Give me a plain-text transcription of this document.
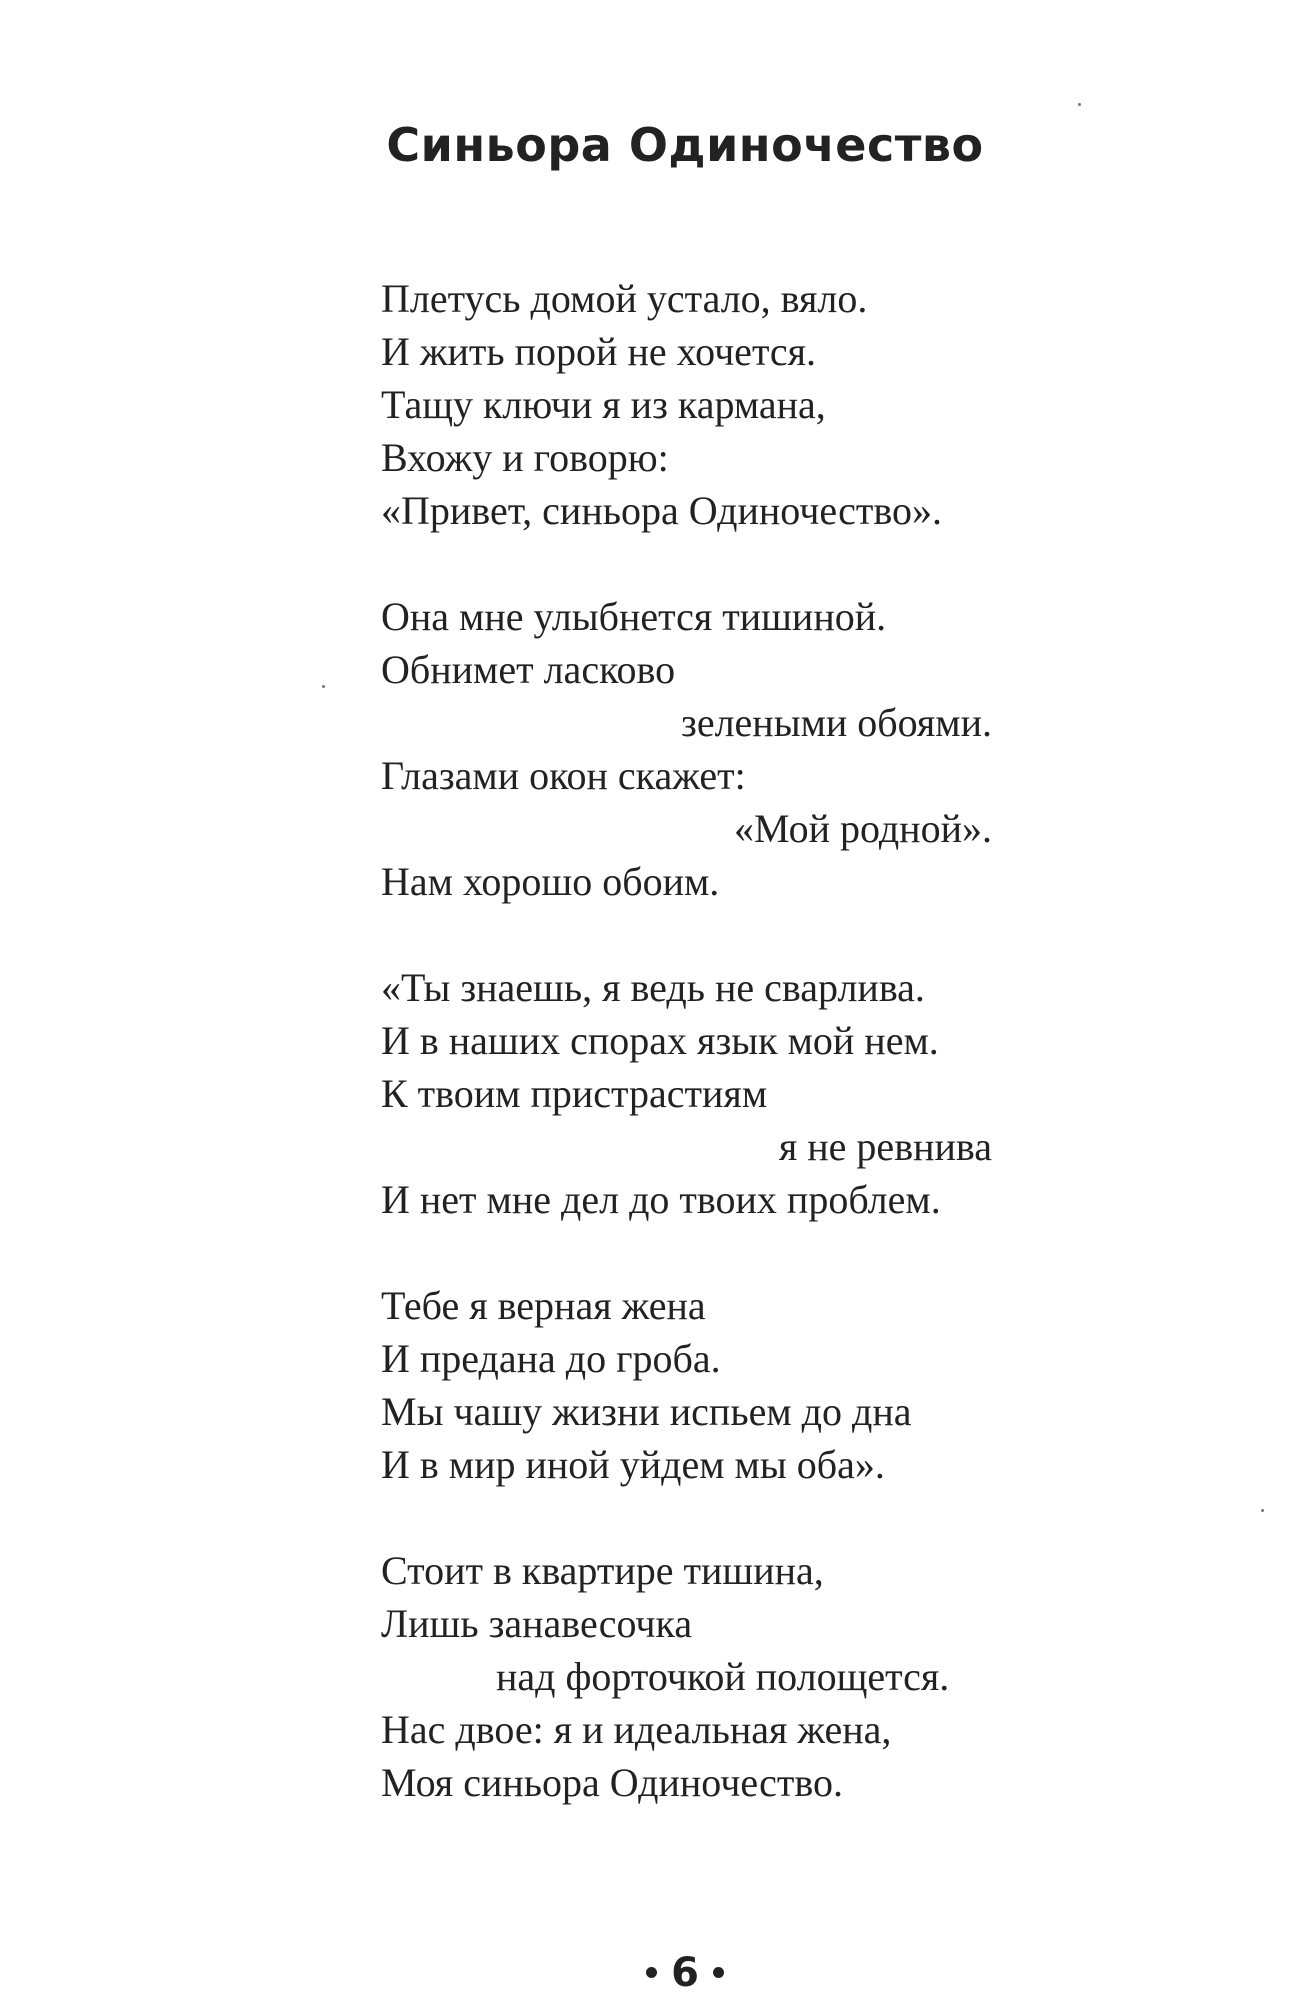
Синьора Одиночество
Плетусь домой устало, вяло.
И жить порой не хочется.
Тащу ключи я из кармана,
Вхожу и говорю:
«Привет, синьора Одиночество».
Она мне улыбнется тишиной.
Обнимет ласково
зелеными обоями.
Глазами окон скажет:
«Мой родной».
Нам хорошо обоим.
«Ты знаешь, я ведь не сварлива.
И в наших спорах язык мой нем.
К твоим пристрастиям
я не ревнива
И нет мне дел до твоих проблем.
Тебе я верная жена
И предана до гроба.
Мы чашу жизни испьем до дна
И в мир иной уйдем мы оба».
Стоит в квартире тишина,
Лишь занавесочка
над форточкой полощется.
Нас двое: я и идеальная жена,
Моя синьора Одиночество.
6
